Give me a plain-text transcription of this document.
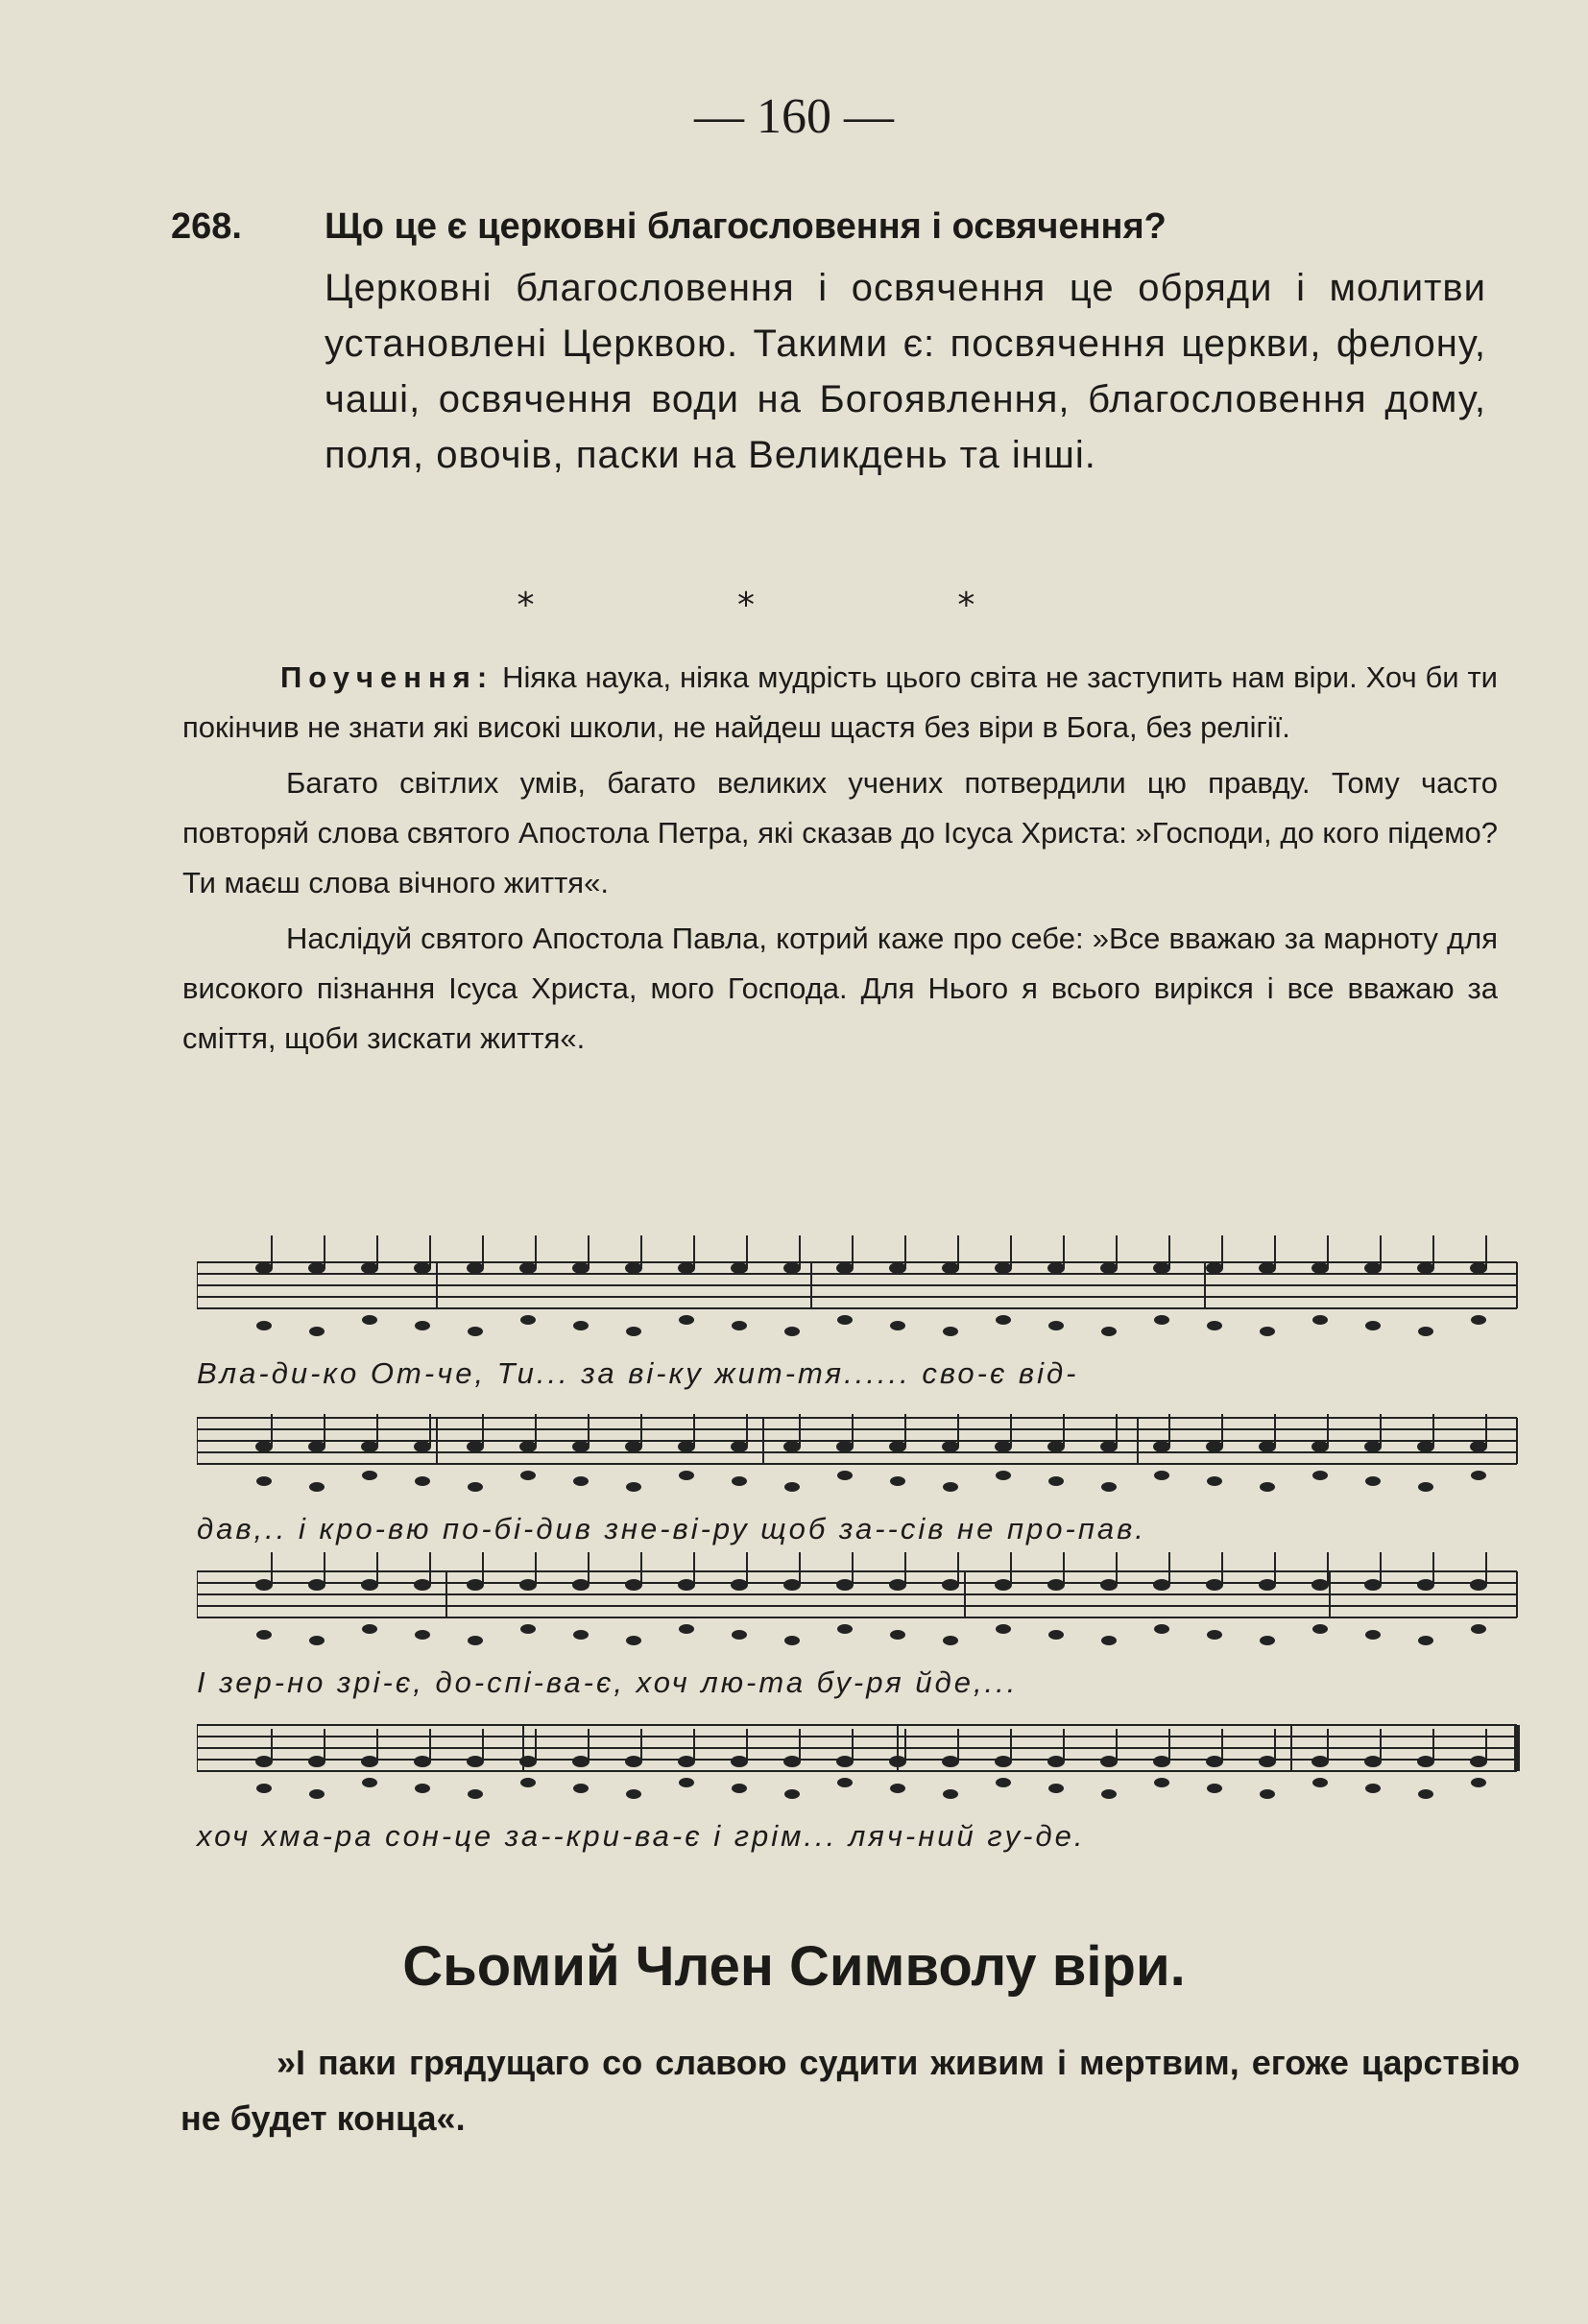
— 160 —
268. Що це є церковні благословення і освячення?
Церковні благословення і освячення це обряди і молитви установлені Церквою. Такими є: посвячення церкви, фелону, чаші, освячення води на Богоявлення, благословення дому, поля, овочів, паски на Великдень та інші.
* * *

Поучення: Ніяка наука, ніяка мудрість цього світа не заступить нам віри. Хоч би ти покінчив не знати які високі школи, не найдеш щастя без віри в Бога, без релігії.

Багато світлих умів, багато великих учених потвердили цю правду. Тому часто повторяй слова святого Апостола Петра, які сказав до Ісуса Христа: »Господи, до кого підемо? Ти маєш слова вічного життя«.

Наслідуй святого Апостола Павла, котрий каже про себе: »Все вважаю за марноту для високого пізнання Ісуса Христа, мого Господа. Для Нього я всього вирікся і все вважаю за сміття, щоби зискати життя«.

Вла-ди-ко От-че, Ти... за ві-ку жит-тя...... сво-є від-
дав,.. і кро-вю по-бі-див зне-ві-ру щоб за--сів не про-пав.
І зер-но зрі-є, до-спі-ва-є, хоч лю-та бу-ря йде,...
хоч хма-ра сон-це за--кри-ва-є і грім... ляч-ний гу-де.
Сьомий Член Символу віри.
»І паки грядущаго со славою судити живим і мертвим, егоже царствію не будет конца«.
